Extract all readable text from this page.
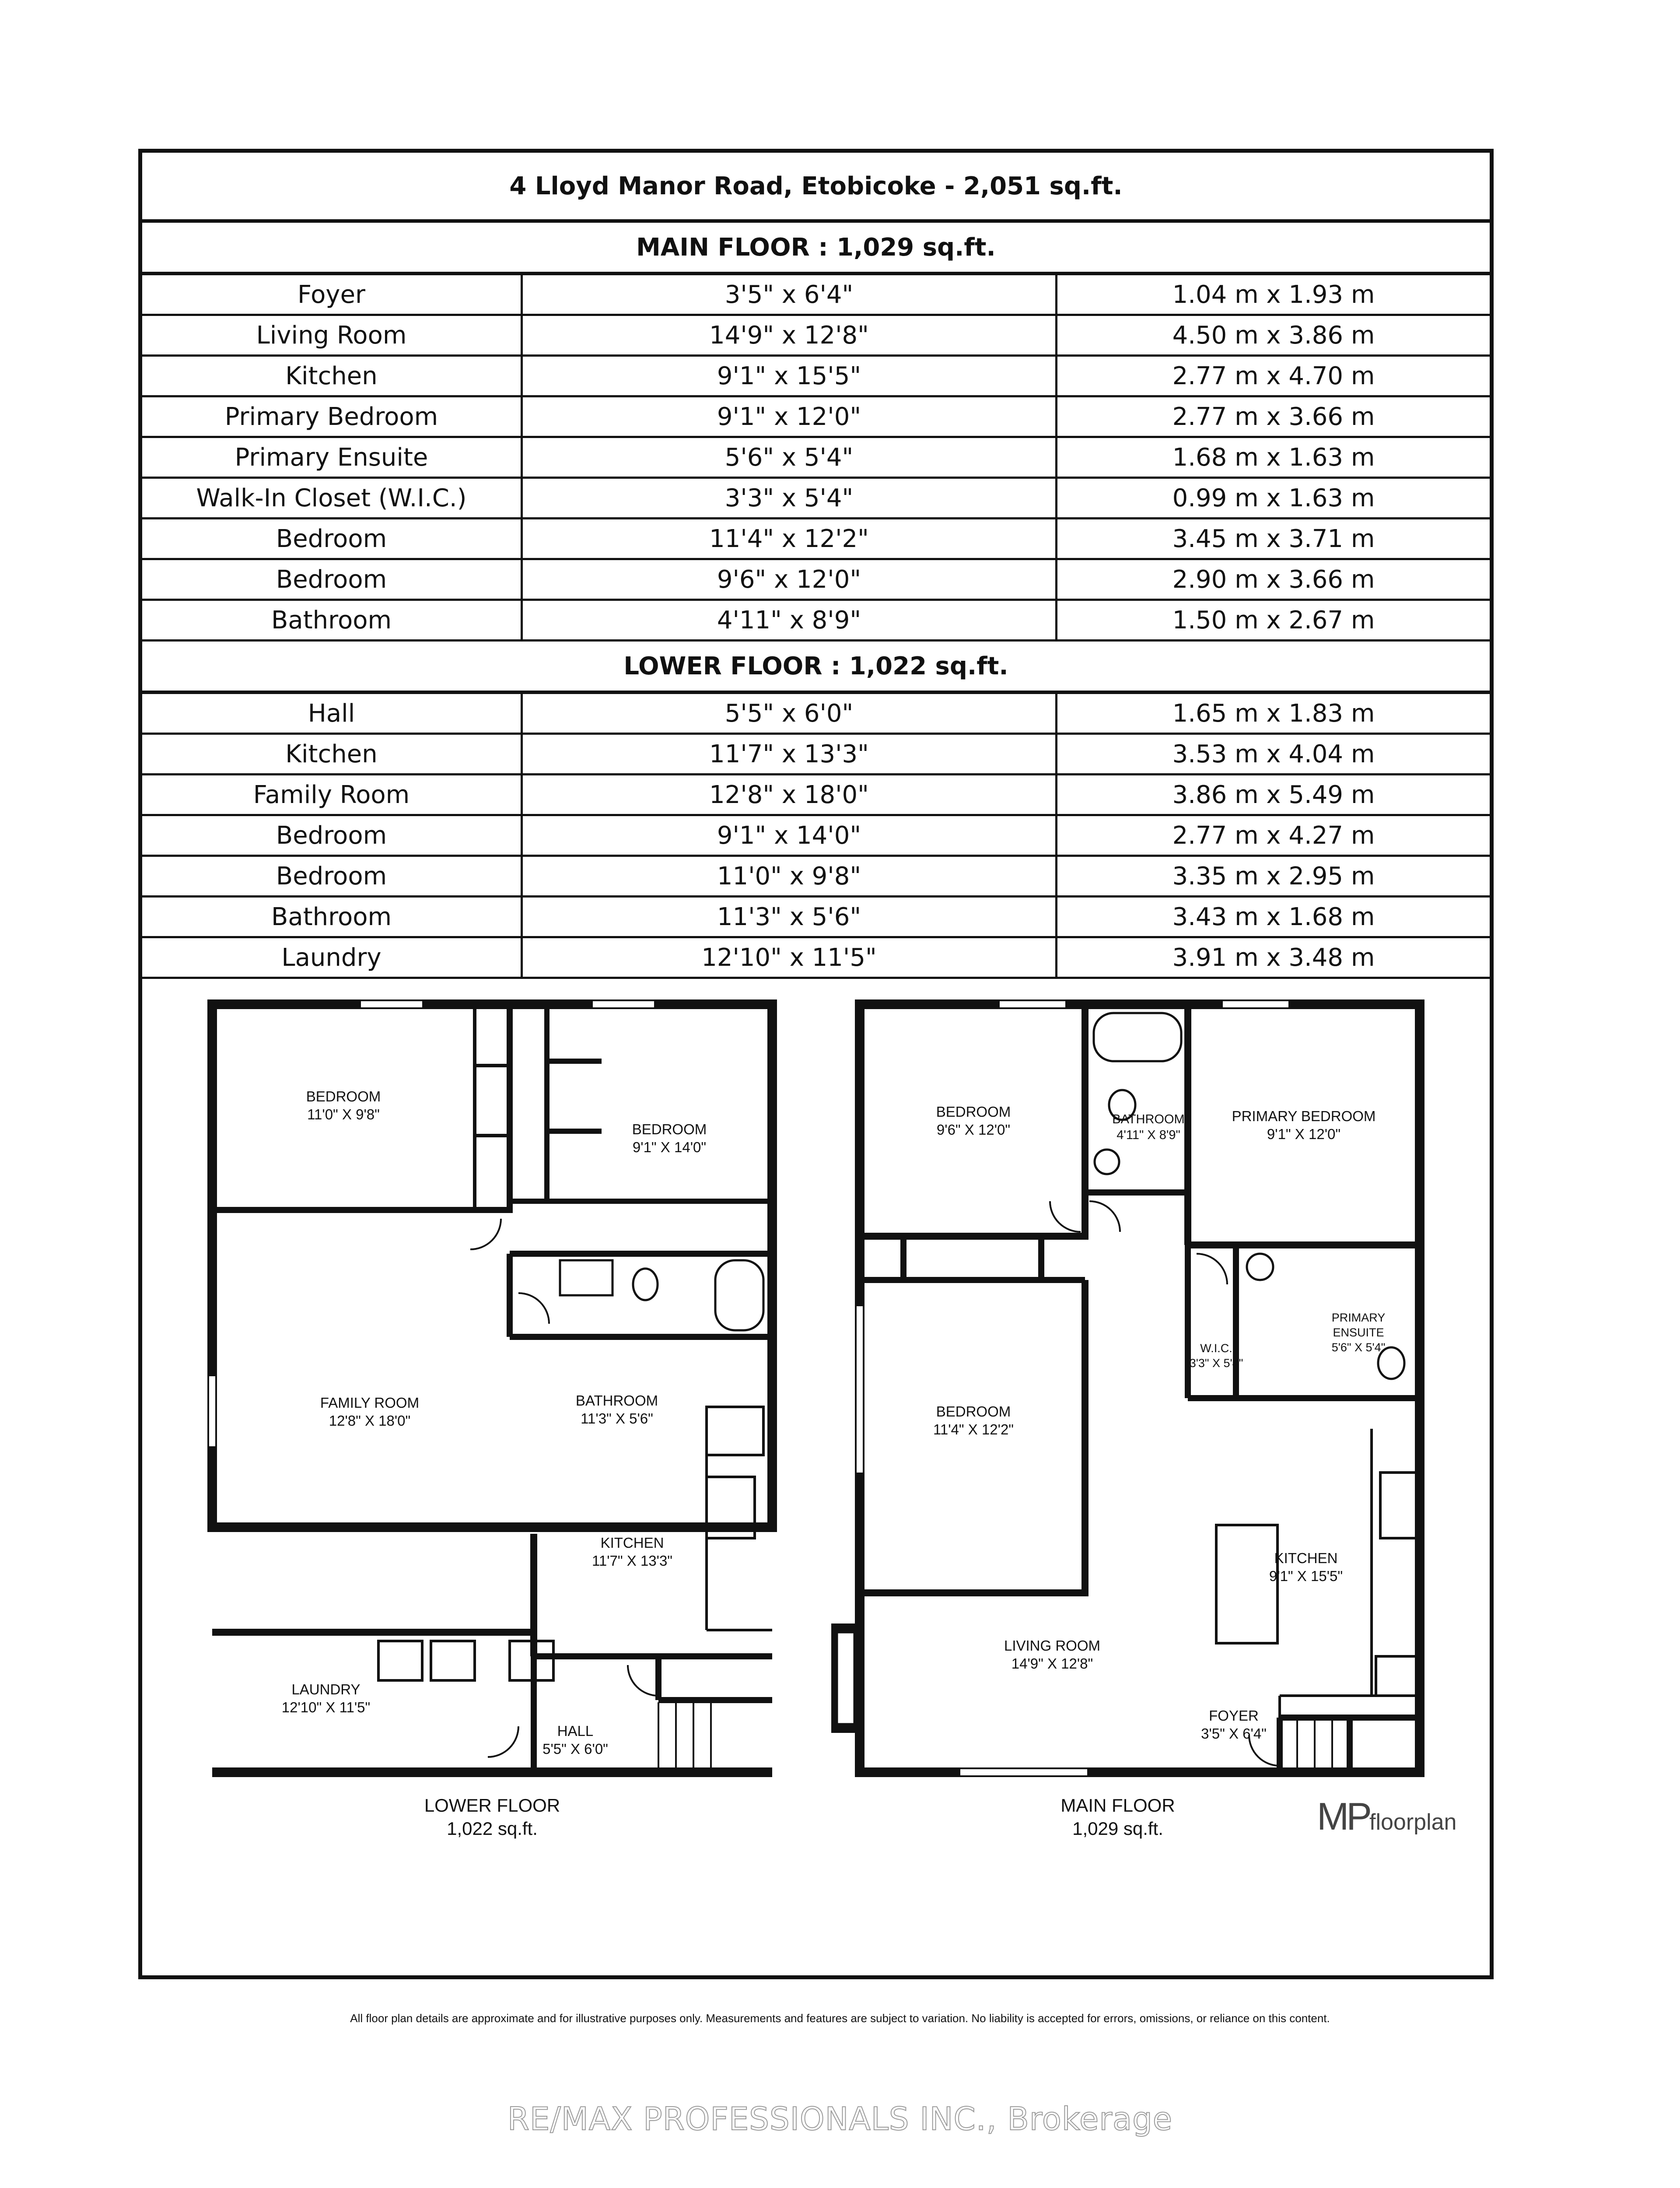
4 Lloyd Manor Road, Etobicoke - 2,051 sq.ft.
MAIN FLOOR : 1,029 sq.ft.
Foyer	3'5" x 6'4"	1.04 m x 1.93 m
Living Room	14'9" x 12'8"	4.50 m x 3.86 m
Kitchen	9'1" x 15'5"	2.77 m x 4.70 m
Primary Bedroom	9'1" x 12'0"	2.77 m x 3.66 m
Primary Ensuite	5'6" x 5'4"	1.68 m x 1.63 m
Walk-In Closet (W.I.C.)	3'3" x 5'4"	0.99 m x 1.63 m
Bedroom	11'4" x 12'2"	3.45 m x 3.71 m
Bedroom	9'6" x 12'0"	2.90 m x 3.66 m
Bathroom	4'11" x 8'9"	1.50 m x 2.67 m
LOWER FLOOR : 1,022 sq.ft.
Hall	5'5" x 6'0"	1.65 m x 1.83 m
Kitchen	11'7" x 13'3"	3.53 m x 4.04 m
Family Room	12'8" x 18'0"	3.86 m x 5.49 m
Bedroom	9'1" x 14'0"	2.77 m x 4.27 m
Bedroom	11'0" x 9'8"	3.35 m x 2.95 m
Bathroom	11'3" x 5'6"	3.43 m x 1.68 m
Laundry	12'10" x 11'5"	3.91 m x 3.48 m
BEDROOM
11'0" X 9'8"
BEDROOM
9'1" X 14'0"
BATHROOM
11'3" X 5'6"
FAMILY ROOM
12'8" X 18'0"
KITCHEN
11'7" X 13'3"
LAUNDRY
12'10" X 11'5"
HALL
5'5" X 6'0"
LOWER FLOOR
1,022 sq.ft.
BEDROOM
9'6" X 12'0"
BATHROOM
4'11" X 8'9"
PRIMARY BEDROOM
9'1" X 12'0"
W.I.C.
3'3" X 5'4"
PRIMARY
ENSUITE
5'6" X 5'4"
BEDROOM
11'4" X 12'2"
KITCHEN
9'1" X 15'5"
LIVING ROOM
14'9" X 12'8"
FOYER
3'5" X 6'4"
MAIN FLOOR
1,029 sq.ft.	MPfloorplan
All floor plan details are approximate and for illustrative purposes only. Measurements and features are subject to variation. No liability is accepted for errors, omissions, or reliance on this content.
RE/MAX PROFESSIONALS INC., Brokerage
